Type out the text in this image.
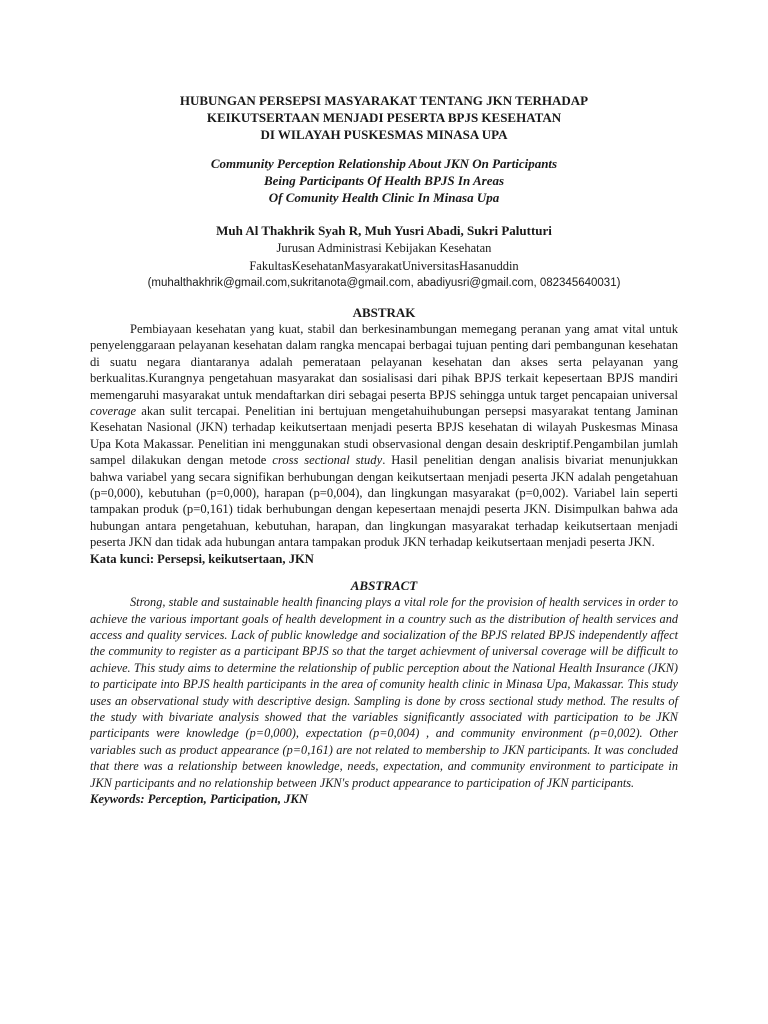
HUBUNGAN PERSEPSI MASYARAKAT TENTANG JKN TERHADAP
KEIKUTSERTAAN MENJADI PESERTA BPJS KESEHATAN
DI WILAYAH PUSKESMAS MINASA UPA
Community Perception Relationship About JKN On Participants
Being Participants Of Health BPJS In Areas
Of Comunity Health Clinic In Minasa Upa
Muh Al Thakhrik Syah R, Muh Yusri Abadi, Sukri Palutturi
Jurusan Administrasi Kebijakan Kesehatan
FakultasKesehatanMasyarakatUniversitasHasanuddin
(muhalthakhrik@gmail.com,sukritanota@gmail.com, abadiyusri@gmail.com, 082345640031)
ABSTRAK

Pembiayaan kesehatan yang kuat, stabil dan berkesinambungan memegang peranan yang amat vital untuk penyelenggaraan pelayanan kesehatan dalam rangka mencapai berbagai tujuan penting dari pembangunan kesehatan di suatu negara diantaranya adalah pemerataan pelayanan kesehatan dan akses serta pelayanan yang berkualitas.Kurangnya pengetahuan masyarakat dan sosialisasi dari pihak BPJS terkait kepesertaan BPJS mandiri memengaruhi masyarakat untuk mendaftarkan diri sebagai peserta BPJS sehingga untuk target pencapaian universal coverage akan sulit tercapai. Penelitian ini bertujuan mengetahuihubungan persepsi masyarakat tentang Jaminan Kesehatan Nasional (JKN) terhadap keikutsertaan menjadi peserta BPJS kesehatan di wilayah Puskesmas Minasa Upa Kota Makassar. Penelitian ini menggunakan studi observasional dengan desain deskriptif.Pengambilan jumlah sampel dilakukan dengan metode cross sectional study. Hasil penelitian dengan analisis bivariat menunjukkan bahwa variabel yang secara signifikan berhubungan dengan keikutsertaan menjadi peserta JKN adalah pengetahuan (p=0,000), kebutuhan (p=0,000), harapan (p=0,004), dan lingkungan masyarakat (p=0,002). Variabel lain seperti tampakan produk (p=0,161) tidak berhubungan dengan kepesertaan menajdi peserta JKN. Disimpulkan bahwa ada hubungan antara pengetahuan, kebutuhan, harapan, dan lingkungan masyarakat terhadap keikutsertaan menjadi peserta JKN dan tidak ada hubungan antara tampakan produk JKN terhadap keikutsertaan menjadi peserta JKN.

Kata kunci: Persepsi, keikutsertaan, JKN
ABSTRACT

Strong, stable and sustainable health financing plays a vital role for the provision of health services in order to achieve the various important goals of health development in a country such as the distribution of health services and access and quality services. Lack of public knowledge and socialization of the BPJS related BPJS independently affect the community to register as a participant BPJS so that the target achievment of universal coverage will be difficult to achieve. This study aims to determine the relationship of public perception about the National Health Insurance (JKN) to participate into BPJS health participants in the area of comunity health clinic in Minasa Upa, Makassar. This study uses an observational study with descriptive design. Sampling is done by cross sectional study method. The results of the study with bivariate analysis showed that the variables significantly associated with participation to be JKN participants were knowledge (p=0,000), expectation (p=0,004) , and community environment (p=0,002). Other variables such as product appearance (p=0,161) are not related to membership to JKN participants. It was concluded that there was a relationship between knowledge, needs, expectation, and community environment to participate in JKN participants and no relationship between JKN's product appearance to participation of JKN participants.

Keywords: Perception, Participation, JKN
